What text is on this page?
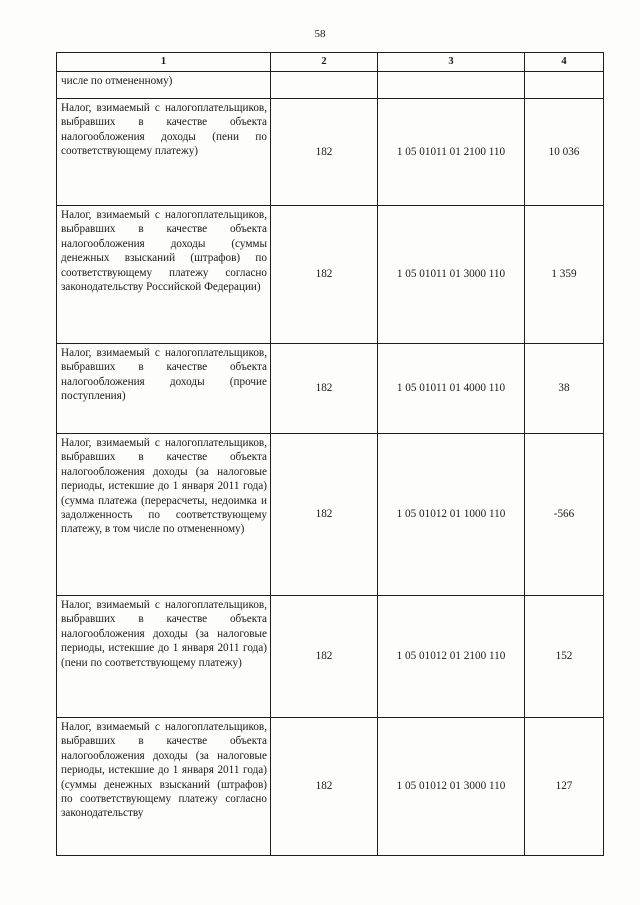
58
1	2	3	4
числе по отмененному)			
Налог, взимаемый с налогоплательщиков, выбравших в качестве объекта налогообложения доходы (пени по соответствующему платежу)	182	1 05 01011 01 2100 110	10 036
Налог, взимаемый с налогоплательщиков, выбравших в качестве объекта налогообложения доходы (суммы денежных взысканий (штрафов) по соответствующему платежу согласно законодательству Российской Федерации)	182	1 05 01011 01 3000 110	1 359
Налог, взимаемый с налогоплательщиков, выбравших в качестве объекта налогообложения доходы (прочие поступления)	182	1 05 01011 01 4000 110	38
Налог, взимаемый с налогоплательщиков, выбравших в качестве объекта налогообложения доходы (за налоговые периоды, истекшие до 1 января 2011 года) (сумма платежа (перерасчеты, недоимка и задолженность по соответствующему платежу, в том числе по отмененному)	182	1 05 01012 01 1000 110	-566
Налог, взимаемый с налогоплательщиков, выбравших в качестве объекта налогообложения доходы (за налоговые периоды, истекшие до 1 января 2011 года) (пени по соответствующему платежу)	182	1 05 01012 01 2100 110	152
Налог, взимаемый с налогоплательщиков, выбравших в качестве объекта налогообложения доходы (за налоговые периоды, истекшие до 1 января 2011 года) (суммы денежных взысканий (штрафов) по соответствующему платежу согласно законодательству	182	1 05 01012 01 3000 110	127
